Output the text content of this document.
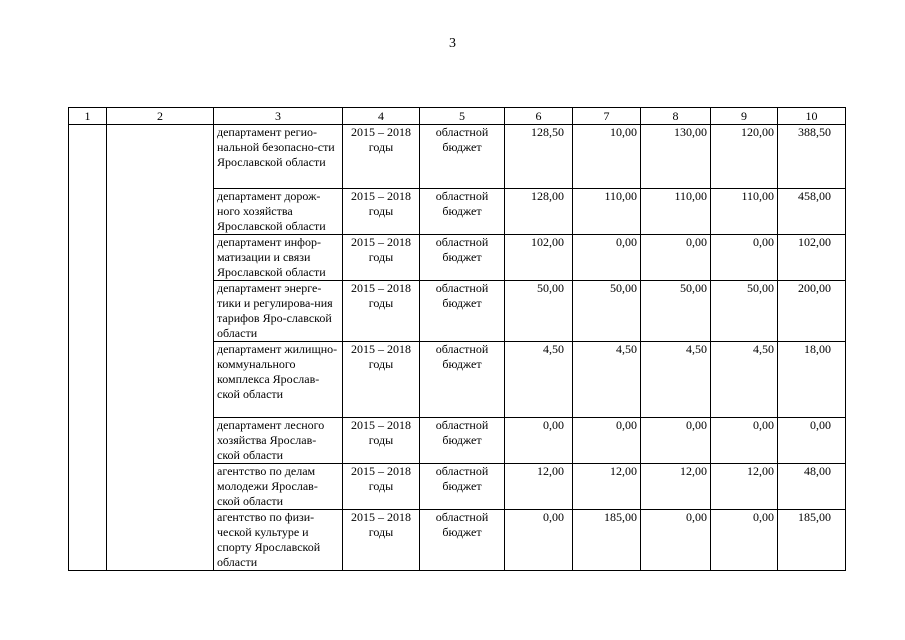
3
1	2	3	4	5	6	7	8	9	10
		департамент регио-нальной безопасно-сти Ярославской области	2015 – 2018 годы	областной бюджет	128,50	10,00	130,00	120,00	388,50
		департамент дорож-ного хозяйства Ярославской области	2015 – 2018 годы	областной бюджет	128,00	110,00	110,00	110,00	458,00
		департамент инфор-матизации и связи Ярославской области	2015 – 2018 годы	областной бюджет	102,00	0,00	0,00	0,00	102,00
		департамент энерге-тики и регулирова-ния тарифов Яро-славской области	2015 – 2018 годы	областной бюджет	50,00	50,00	50,00	50,00	200,00
		департамент жилищно-коммунального комплекса Ярослав-ской области	2015 – 2018 годы	областной бюджет	4,50	4,50	4,50	4,50	18,00
		департамент лесного хозяйства Ярослав-ской области	2015 – 2018 годы	областной бюджет	0,00	0,00	0,00	0,00	0,00
		агентство по делам молодежи Ярослав-ской области	2015 – 2018 годы	областной бюджет	12,00	12,00	12,00	12,00	48,00
		агентство по физи-ческой культуре и спорту Ярославской области	2015 – 2018 годы	областной бюджет	0,00	185,00	0,00	0,00	185,00
